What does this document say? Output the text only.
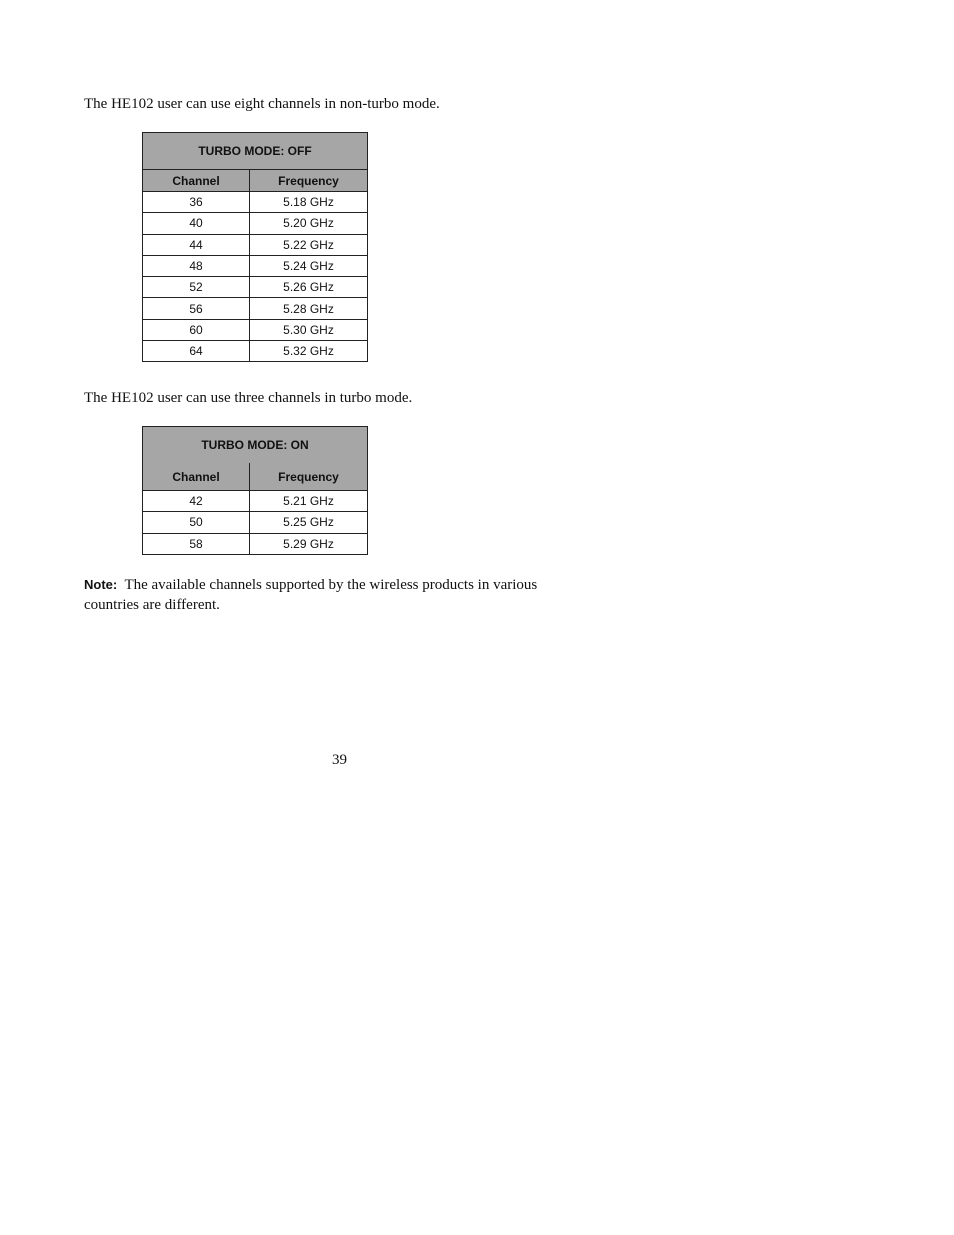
The HE102 user can use eight channels in non-turbo mode.

TURBO MODE: OFF	
Channel	Frequency
36	5.18 GHz
40	5.20 GHz
44	5.22 GHz
48	5.24 GHz
52	5.26 GHz
56	5.28 GHz
60	5.30 GHz
64	5.32 GHz

The HE102 user can use three channels in turbo mode.

TURBO MODE: ON	
Channel	Frequency
42	5.21 GHz
50	5.25 GHz
58	5.29 GHz

Note: The available channels supported by the wireless products in various

countries are different.

39
